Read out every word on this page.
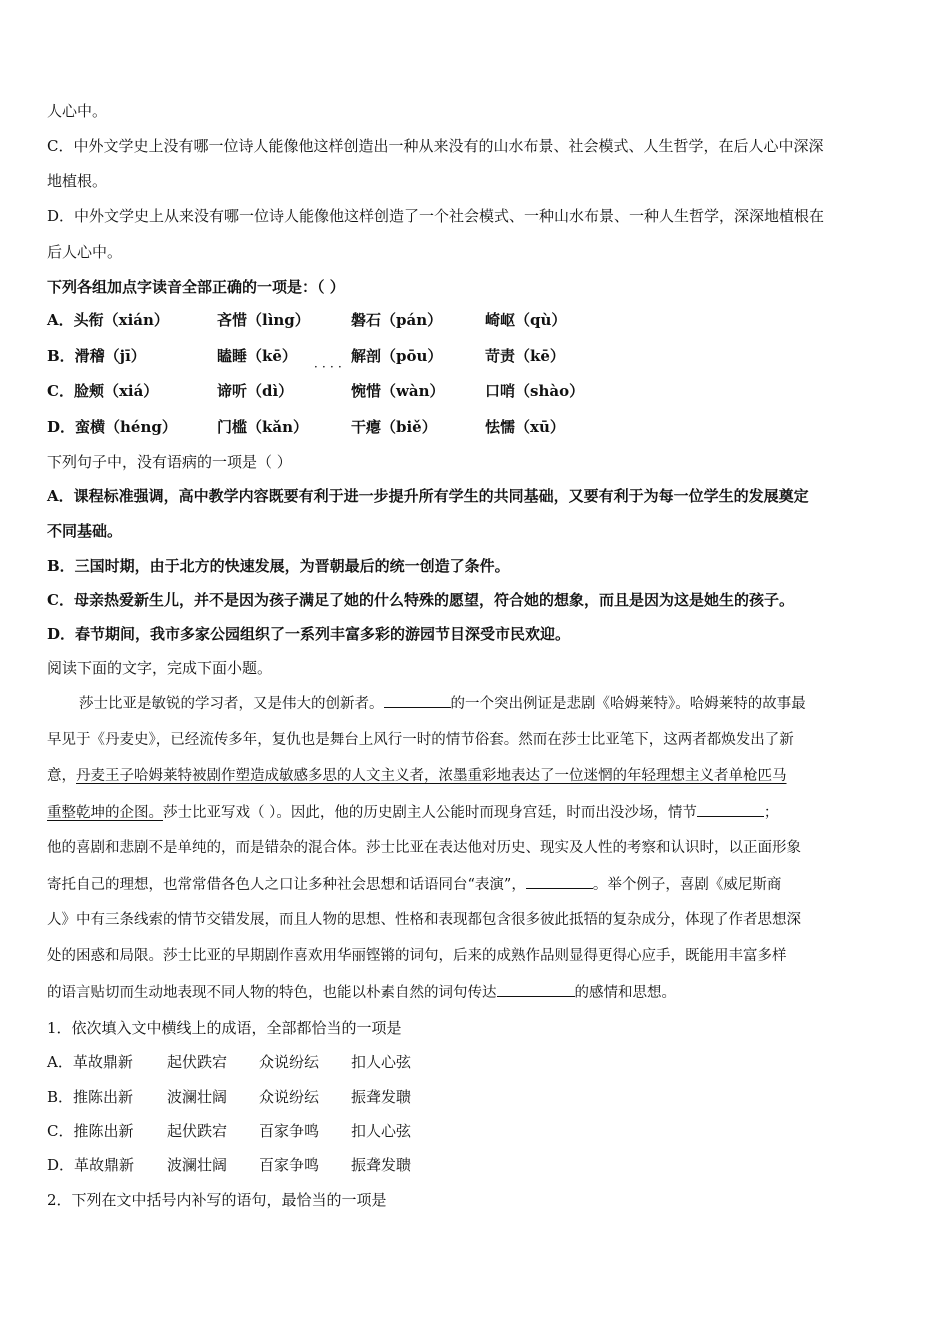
人心中。
C．中外文学史上没有哪一位诗人能像他这样创造出一种从来没有的山水布景、社会模式、人生哲学，在后人心中深深
地植根。
D．中外文学史上从来没有哪一位诗人能像他这样创造了一个社会模式、一种山水布景、一种人生哲学，深深地植根在
后人心中。
下列各组加点字读音全部正确的一项是：（ ）
A．头衔（xián）	吝惜（lìng）	磐石（pán）	崎岖（qù）
B．滑稽（jī）	瞌睡（kē）	解剖（pōu）	苛责（kē）
．．．．
C．脸颊（xiá）	谛听（dì）	惋惜（wàn）	口哨（shào）
D．蛮横（héng）	门槛（kǎn）	干瘪（biě）	怯懦（xū）
下列句子中，没有语病的一项是（ ）
A．课程标准强调，高中教学内容既要有利于进一步提升所有学生的共同基础，又要有利于为每一位学生的发展奠定
不同基础。
B．三国时期，由于北方的快速发展，为晋朝最后的统一创造了条件。
C．母亲热爱新生儿，并不是因为孩子满足了她的什么特殊的愿望，符合她的想象，而且是因为这是她生的孩子。
D．春节期间，我市多家公园组织了一系列丰富多彩的游园节目深受市民欢迎。
阅读下面的文字，完成下面小题。
莎士比亚是敏锐的学习者，又是伟大的创新者。	的一个突出例证是悲剧《哈姆莱特》。哈姆莱特的故事最
早见于《丹麦史》，已经流传多年，复仇也是舞台上风行一时的情节俗套。然而在莎士比亚笔下，这两者都焕发出了新
意，丹麦王子哈姆莱特被剧作塑造成敏感多思的人文主义者，浓墨重彩地表达了一位迷惘的年轻理想主义者单枪匹马
重整乾坤的企图。莎士比亚写戏（ ）。因此，他的历史剧主人公能时而现身宫廷，时而出没沙场，情节	；
他的喜剧和悲剧不是单纯的，而是错杂的混合体。莎士比亚在表达他对历史、现实及人性的考察和认识时，以正面形象
寄托自己的理想，也常常借各色人之口让多种社会思想和话语同台“表演”，	。举个例子，喜剧《威尼斯商
人》中有三条线索的情节交错发展，而且人物的思想、性格和表现都包含很多彼此抵牾的复杂成分，体现了作者思想深
处的困惑和局限。莎士比亚的早期剧作喜欢用华丽铿锵的词句，后来的成熟作品则显得更得心应手，既能用丰富多样
的语言贴切而生动地表现不同人物的特色，也能以朴素自然的词句传达	的感情和思想。
1．依次填入文中横线上的成语，全部都恰当的一项是
A．革故鼎新 起伏跌宕 众说纷纭 扣人心弦
B．推陈出新 波澜壮阔 众说纷纭 振聋发聩
C．推陈出新 起伏跌宕 百家争鸣 扣人心弦
D．革故鼎新 波澜壮阔 百家争鸣 振聋发聩
2．下列在文中括号内补写的语句，最恰当的一项是
